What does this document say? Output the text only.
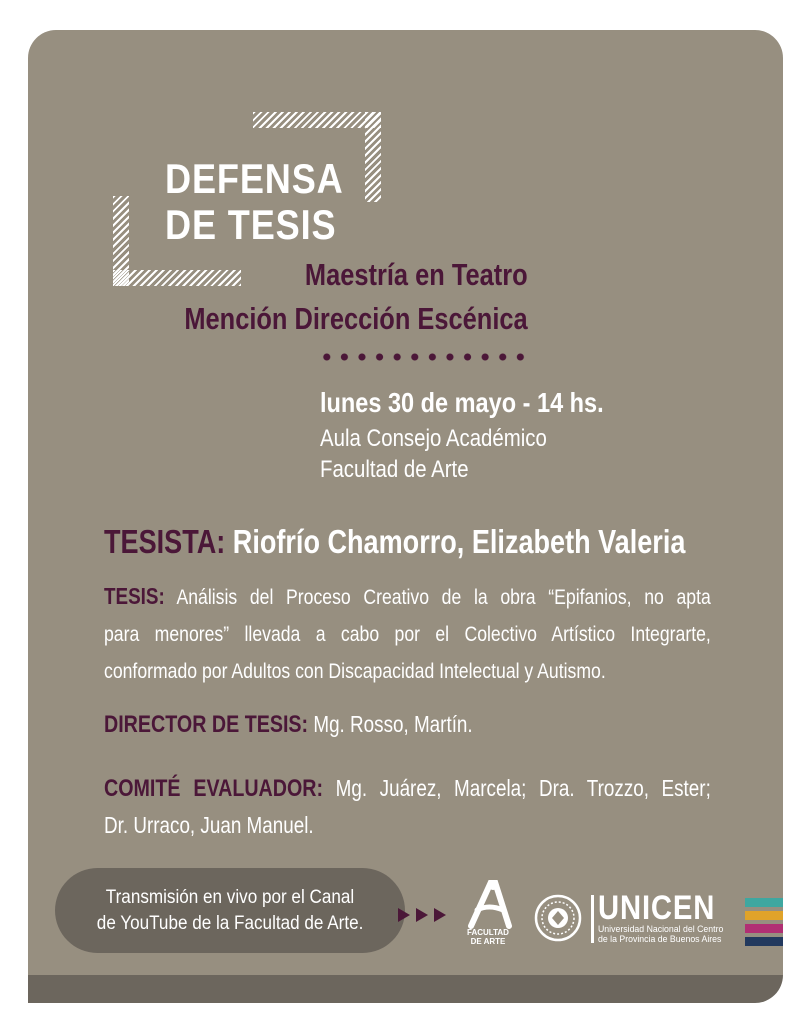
DEFENSA
DE TESIS
Maestría en Teatro
Mención Dirección Escénica
lunes 30 de mayo - 14 hs.
Aula Consejo Académico
Facultad de Arte
TESISTA: Riofrío Chamorro, Elizabeth Valeria
TESIS: Análisis del Proceso Creativo de la obra “Epifanios, no apta
para menores” llevada a cabo por el Colectivo Artístico Integrarte,
conformado por Adultos con Discapacidad Intelectual y Autismo.
DIRECTOR DE TESIS: Mg. Rosso, Martín.
COMITÉ EVALUADOR: Mg. Juárez, Marcela; Dra. Trozzo, Ester;
Dr. Urraco, Juan Manuel.
Transmisión en vivo por el Canal
de YouTube de la Facultad de Arte.	FACULTAD
DE ARTE
UNICEN
Universidad Nacional del Centro
de la Provincia de Buenos Aires
